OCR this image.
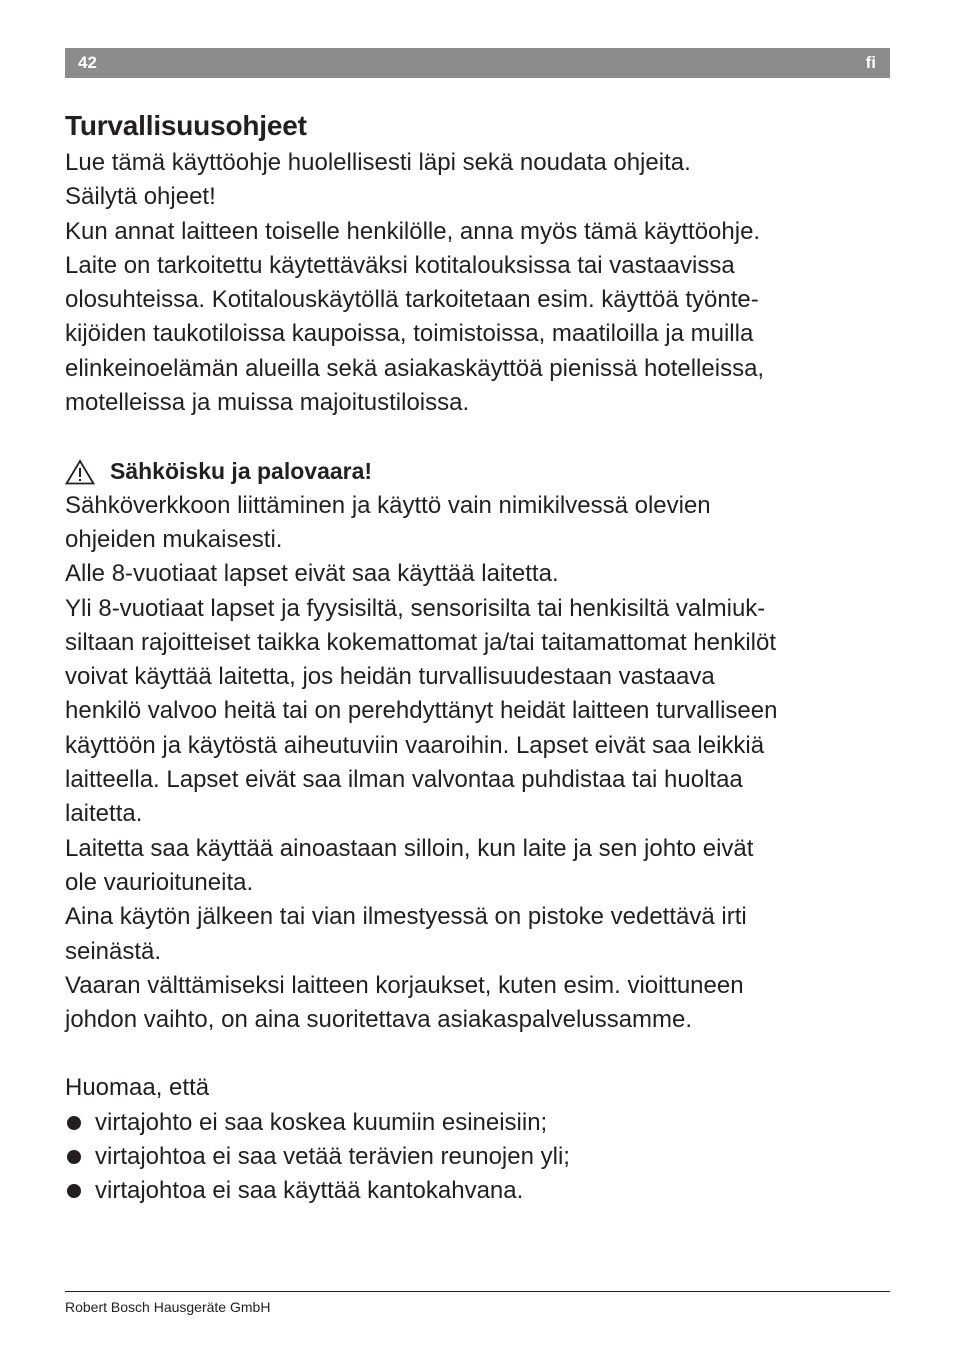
42	fi
Turvallisuusohjeet

Lue tämä käyttöohje huolellisesti läpi sekä noudata ohjeita.

Säilytä ohjeet!

Kun annat laitteen toiselle henkilölle, anna myös tämä käyttöohje.

Laite on tarkoitettu käytettäväksi kotitalouksissa tai vastaavissa

olosuhteissa. Kotitalouskäytöllä tarkoitetaan esim. käyttöä työnte-

kijöiden taukotiloissa kaupoissa, toimistoissa, maatiloilla ja muilla

elinkeinoelämän alueilla sekä asiakaskäyttöä pienissä hotelleissa,

motelleissa ja muissa majoitustiloissa.

Sähköisku ja palovaara!

Sähköverkkoon liittäminen ja käyttö vain nimikilvessä olevien

ohjeiden mukaisesti.

Alle 8-vuotiaat lapset eivät saa käyttää laitetta.

Yli 8-vuotiaat lapset ja fyysisiltä, sensorisilta tai henkisiltä valmiuk-

siltaan rajoitteiset taikka kokemattomat ja/tai taitamattomat henkilöt

voivat käyttää laitetta, jos heidän turvallisuudestaan vastaava

henkilö valvoo heitä tai on perehdyttänyt heidät laitteen turvalliseen

käyttöön ja käytöstä aiheutuviin vaaroihin. Lapset eivät saa leikkiä

laitteella. Lapset eivät saa ilman valvontaa puhdistaa tai huoltaa

laitetta.

Laitetta saa käyttää ainoastaan silloin, kun laite ja sen johto eivät

ole vaurioituneita.

Aina käytön jälkeen tai vian ilmestyessä on pistoke vedettävä irti

seinästä.

Vaaran välttämiseksi laitteen korjaukset, kuten esim. vioittuneen

johdon vaihto, on aina suoritettava asiakaspalvelussamme.

Huomaa, että

virtajohto ei saa koskea kuumiin esineisiin;
virtajohtoa ei saa vetää terävien reunojen yli;
virtajohtoa ei saa käyttää kantokahvana.
Robert Bosch Hausgeräte GmbH
